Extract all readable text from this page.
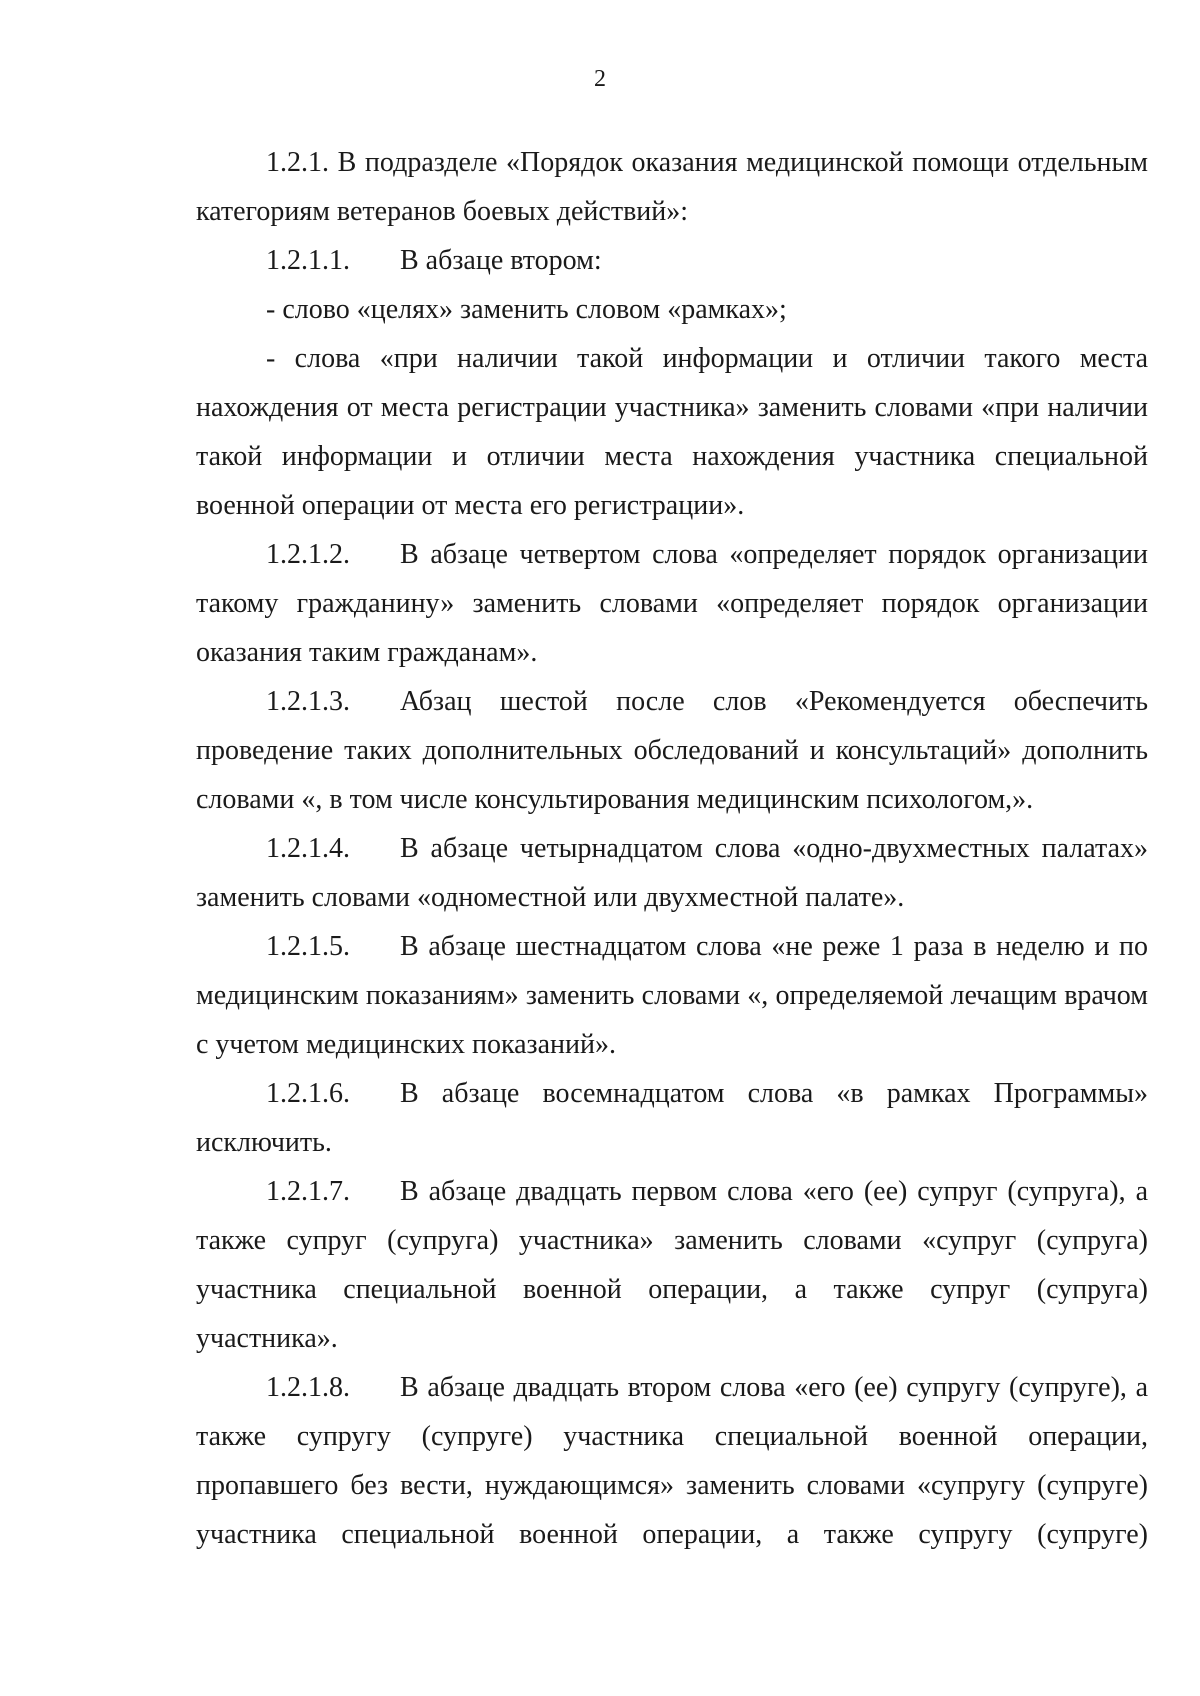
2

1.2.1. В подразделе «Порядок оказания медицинской помощи отдельным категориям ветеранов боевых действий»:

1.2.1.1. В абзаце втором:

- слово «целях» заменить словом «рамках»;

- слова «при наличии такой информации и отличии такого места нахождения от места регистрации участника» заменить словами «при наличии такой информации и отличии места нахождения участника специальной военной операции от места его регистрации».

1.2.1.2. В абзаце четвертом слова «определяет порядок организации такому гражданину» заменить словами «определяет порядок организации оказания таким гражданам».

1.2.1.3. Абзац шестой после слов «Рекомендуется обеспечить проведение таких дополнительных обследований и консультаций» дополнить словами «, в том числе консультирования медицинским психологом,».

1.2.1.4. В абзаце четырнадцатом слова «одно-двухместных палатах» заменить словами «одноместной или двухместной палате».

1.2.1.5. В абзаце шестнадцатом слова «не реже 1 раза в неделю и по медицинским показаниям» заменить словами «, определяемой лечащим врачом с учетом медицинских показаний».

1.2.1.6. В абзаце восемнадцатом слова «в рамках Программы» исключить.

1.2.1.7. В абзаце двадцать первом слова «его (ее) супруг (супруга), а также супруг (супруга) участника» заменить словами «супруг (супруга) участника специальной военной операции, а также супруг (супруга) участника».

1.2.1.8. В абзаце двадцать втором слова «его (ее) супругу (супруге), а также супругу (супруге) участника специальной военной операции, пропавшего без вести, нуждающимся» заменить словами «супругу (супруге) участника специальной военной операции, а также супругу (супруге)
